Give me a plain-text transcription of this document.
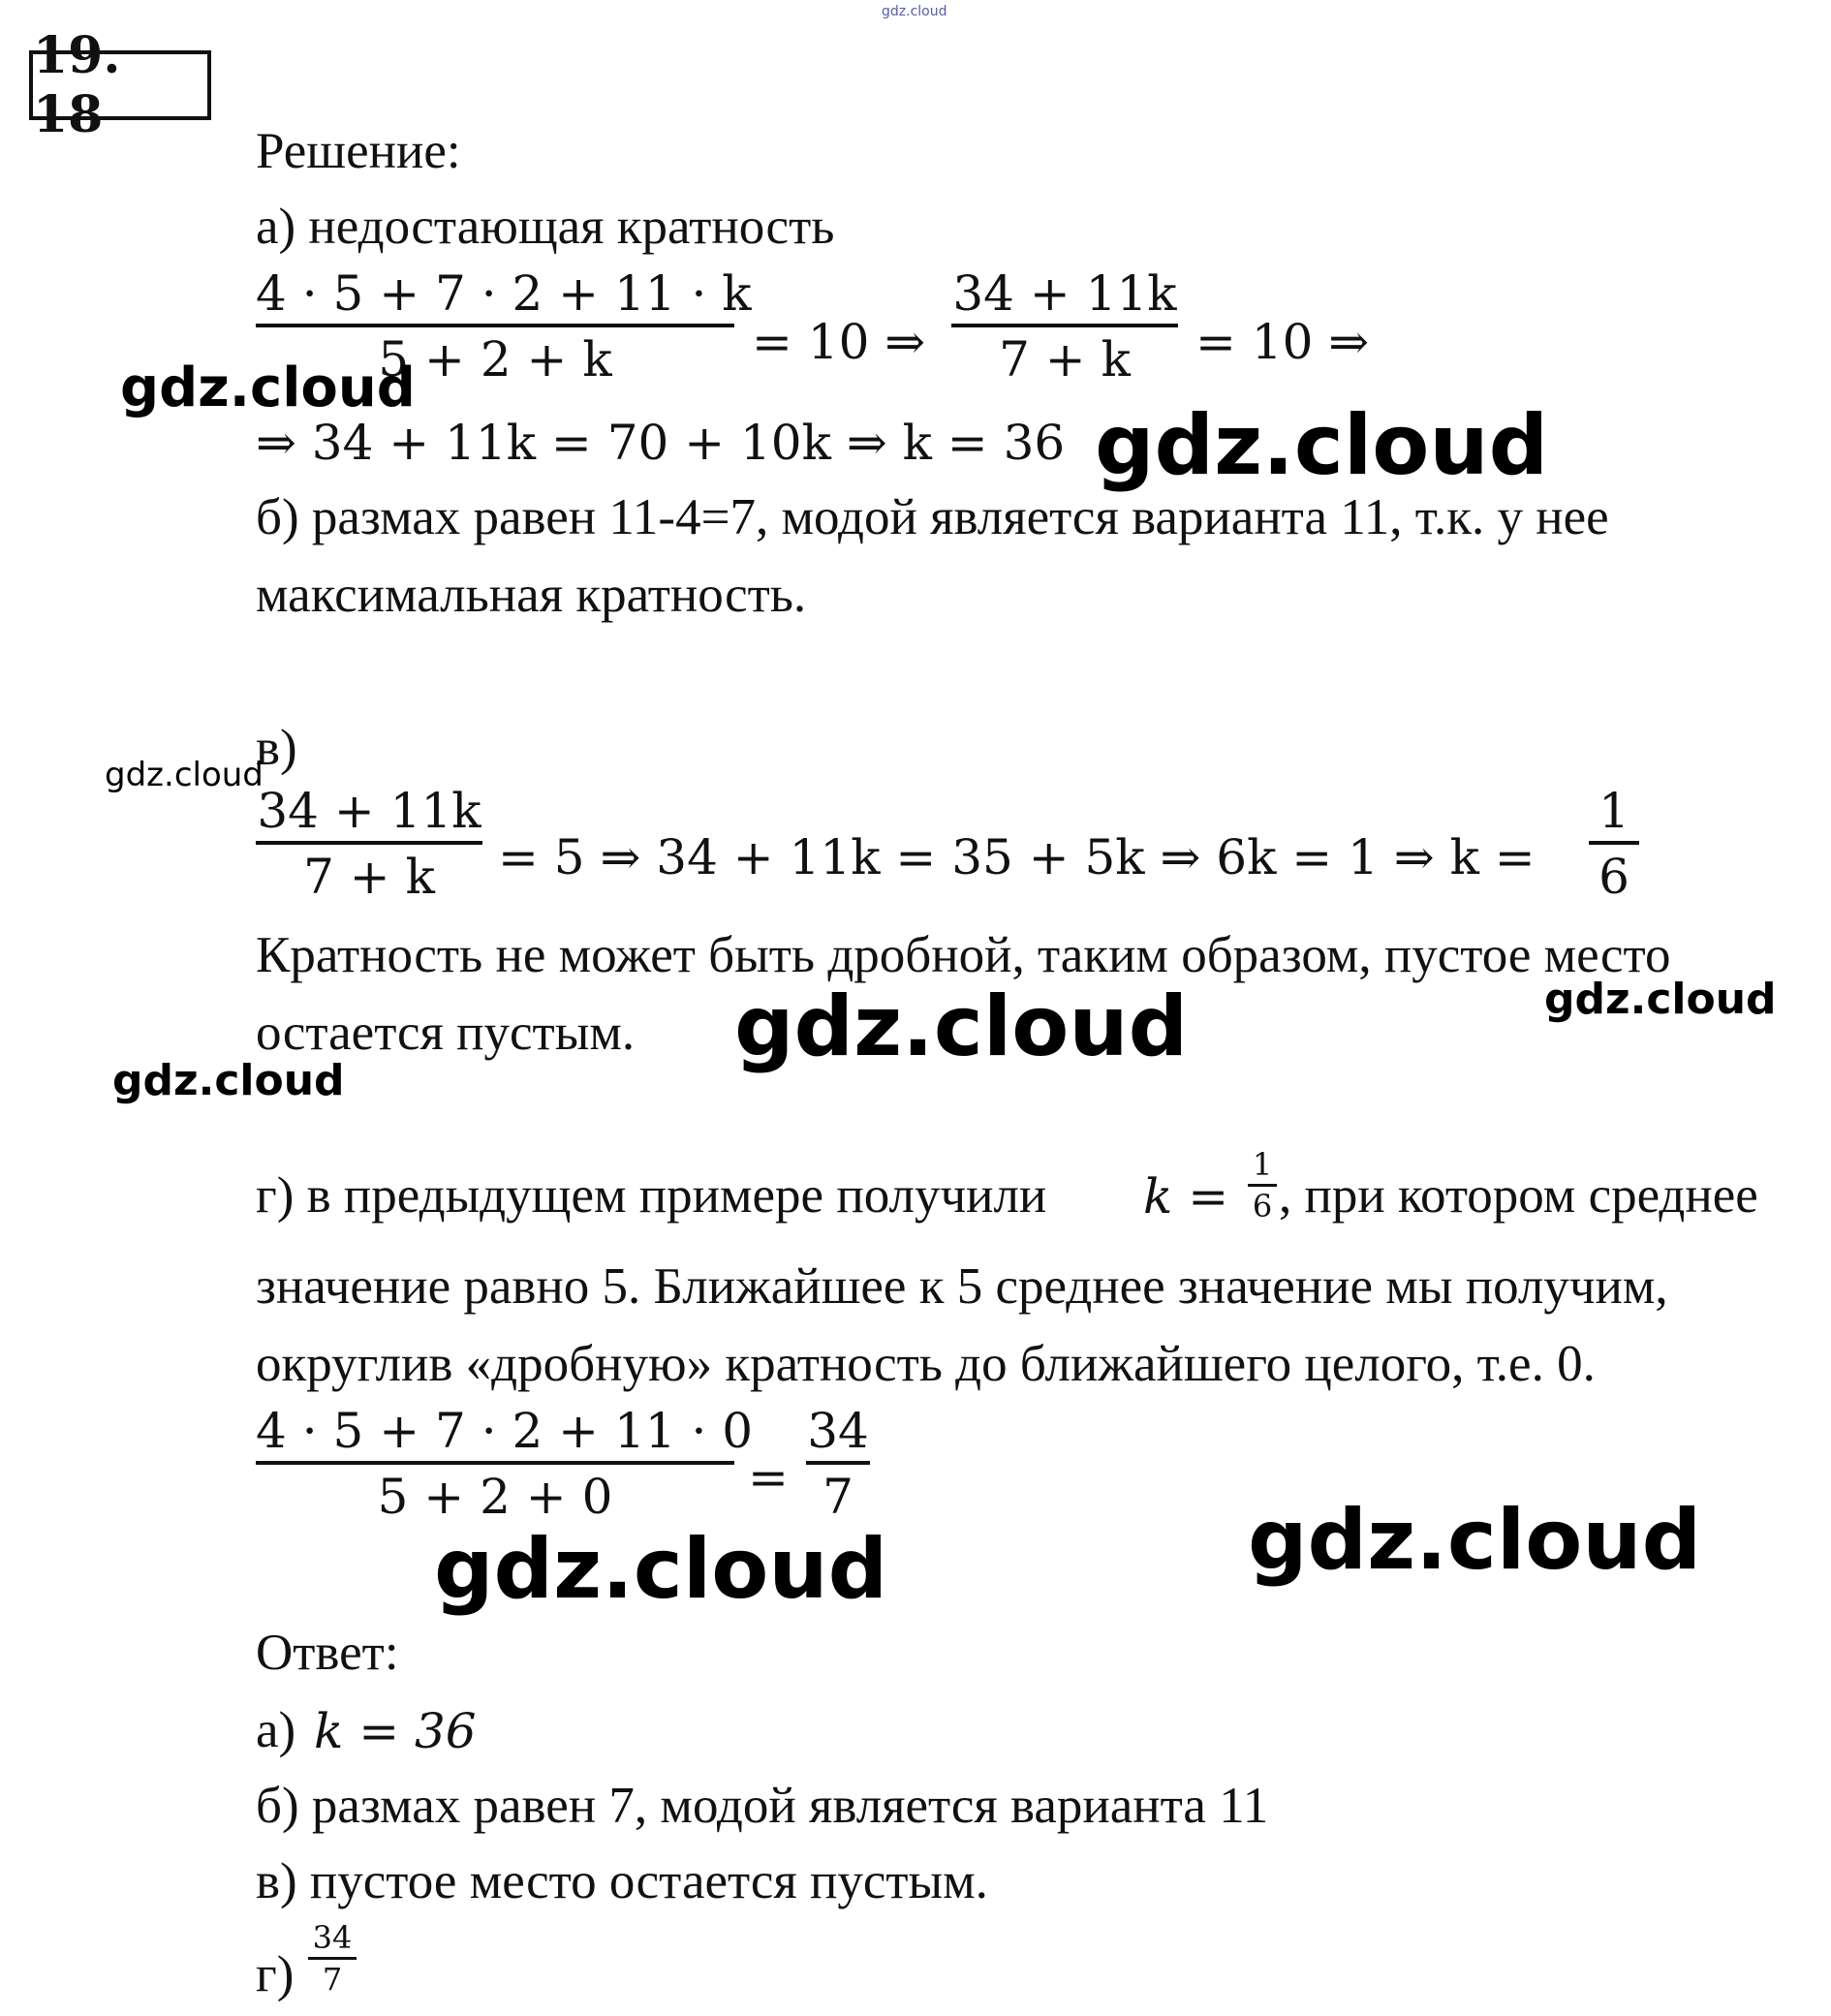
gdz.cloud
19. 18
Решение:
а) недостающая кратность
4 · 5 + 7 · 2 + 11 · k
5 + 2 + k	= 10 ⇒
34 + 11k
7 + k	= 10 ⇒
⇒ 34 + 11k = 70 + 10k ⇒ k = 36
б) размах равен 11-4=7, модой является варианта 11, т.к. у нее
максимальная кратность.
в)
34 + 11k
7 + k	= 5 ⇒ 34 + 11k = 35 + 5k ⇒ 6k = 1 ⇒ k =
1
6
Кратность не может быть дробной, таким образом, пустое место
остается пустым.
г) в предыдущем примере получили k =
1
6 , при котором среднее
значение равно 5. Ближайшее к 5 среднее значение мы получим,
округлив «дробную» кратность до ближайшего целого, т.е. 0.
4 · 5 + 7 · 2 + 11 · 0
5 + 2 + 0	=
34
7
Ответ:
а) k = 36
б) размах равен 7, модой является варианта 11
в) пустое место остается пустым.
г)
34
7
gdz.cloud
gdz.cloud
gdz.cloud
gdz.cloud
gdz.cloud
gdz.cloud
gdz.cloud	gdz.cloud
